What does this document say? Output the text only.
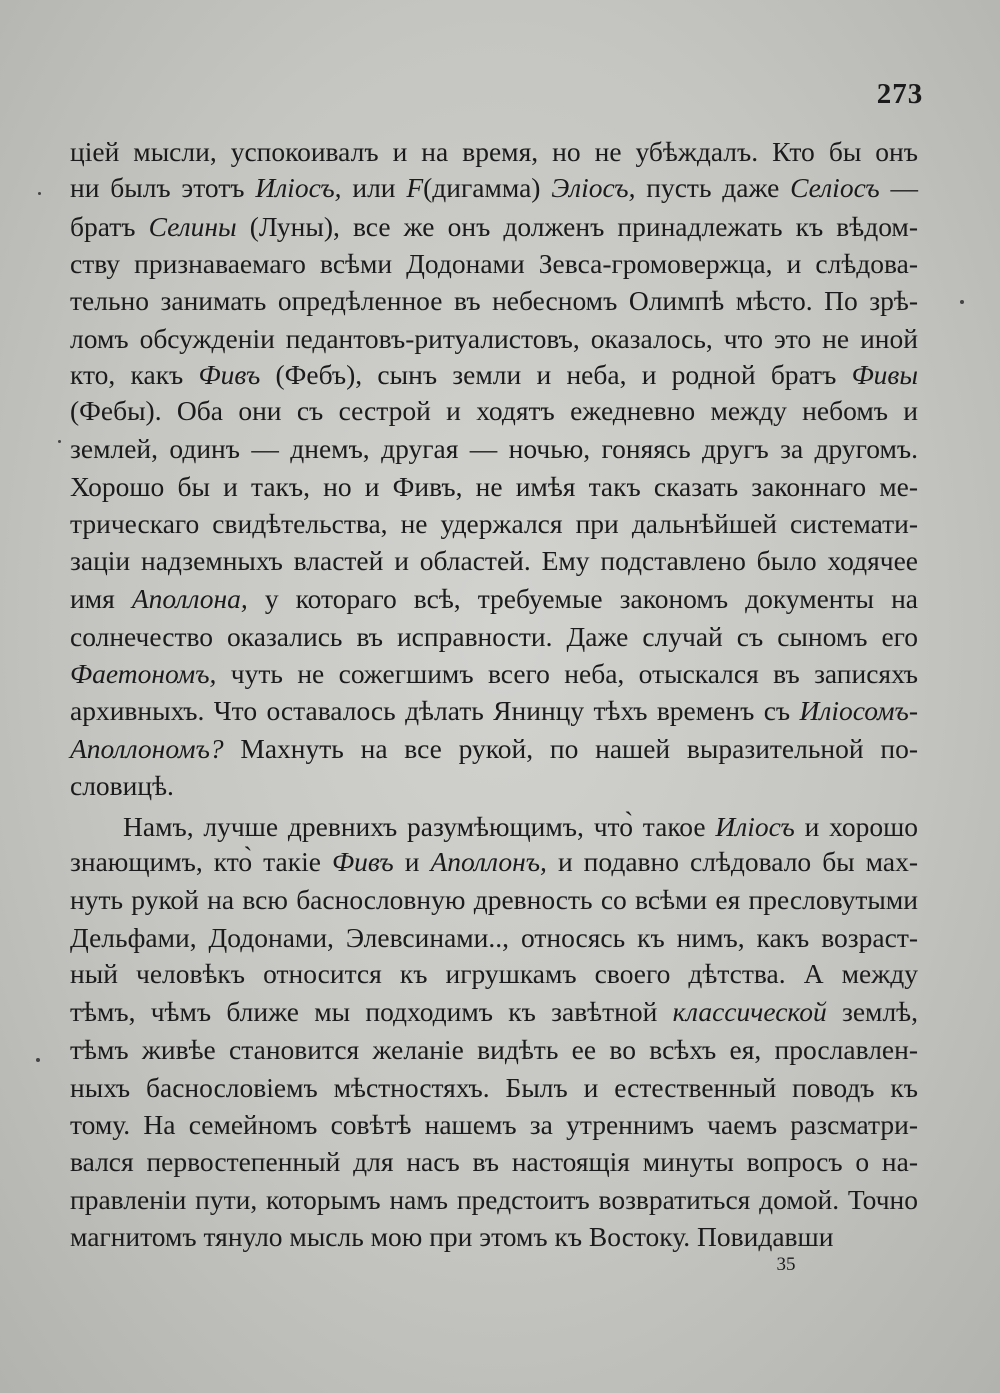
273
цiей мысли, успокоивалъ и на время, но не убѣждалъ. Кто бы онъ
ни былъ этотъ Илiосъ, или F(дигамма) Элiосъ, пусть даже Селiосъ —
братъ Селины (Луны), все же онъ долженъ принадлежать къ вѣдом-
ству признаваемаго всѣми Додонами Зевса-громовержца, и слѣдова-
тельно занимать опредѣленное въ небесномъ Олимпѣ мѣсто. По зрѣ-
ломъ обсужденiи педантовъ-ритуалистовъ, оказалось, что это не иной
кто, какъ Фивъ (Фебъ), сынъ земли и неба, и родной братъ Фивы
(Фебы). Оба они съ сестрой и ходятъ ежедневно между небомъ и
землей, одинъ — днемъ, другая — ночью, гоняясь другъ за другомъ.
Хорошо бы и такъ, но и Фивъ, не имѣя такъ сказать законнаго ме-
трическаго свидѣтельства, не удержался при дальнѣйшей системати-
зацiи надземныхъ властей и областей. Ему подставлено было ходячее
имя Аполлона, у котораго всѣ, требуемые закономъ документы на
солнечество оказались въ исправности. Даже случай съ сыномъ его
Фаетономъ, чуть не сожегшимъ всего неба, отыскался въ записяхъ
архивныхъ. Что оставалось дѣлать Янинцу тѣхъ временъ съ Илiосомъ-
Аполлономъ? Махнуть на все рукой, по нашей выразительной по-
словицѣ.
Намъ, лучше древнихъ разумѣющимъ, что̀ такое Илiосъ и хорошо
знающимъ, кто̀ такiе Фивъ и Аполлонъ, и подавно слѣдовало бы мах-
нуть рукой на всю баснословную древность со всѣми ея пресловутыми
Дельфами, Додонами, Элевсинами.., относясь къ нимъ, какъ возраст-
ный человѣкъ относится къ игрушкамъ своего дѣтства. А между
тѣмъ, чѣмъ ближе мы подходимъ къ завѣтной классической землѣ,
тѣмъ живѣе становится желанiе видѣть ее во всѣхъ ея, прославлен-
ныхъ баснословiемъ мѣстностяхъ. Былъ и естественный поводъ къ
тому. На семейномъ совѣтѣ нашемъ за утреннимъ чаемъ разсматри-
вался первостепенный для насъ въ настоящiя минуты вопросъ о на-
правленiи пути, которымъ намъ предстоитъ возвратиться домой. Точно
магнитомъ тянуло мысль мою при этомъ къ Востоку. Повидавши
35
